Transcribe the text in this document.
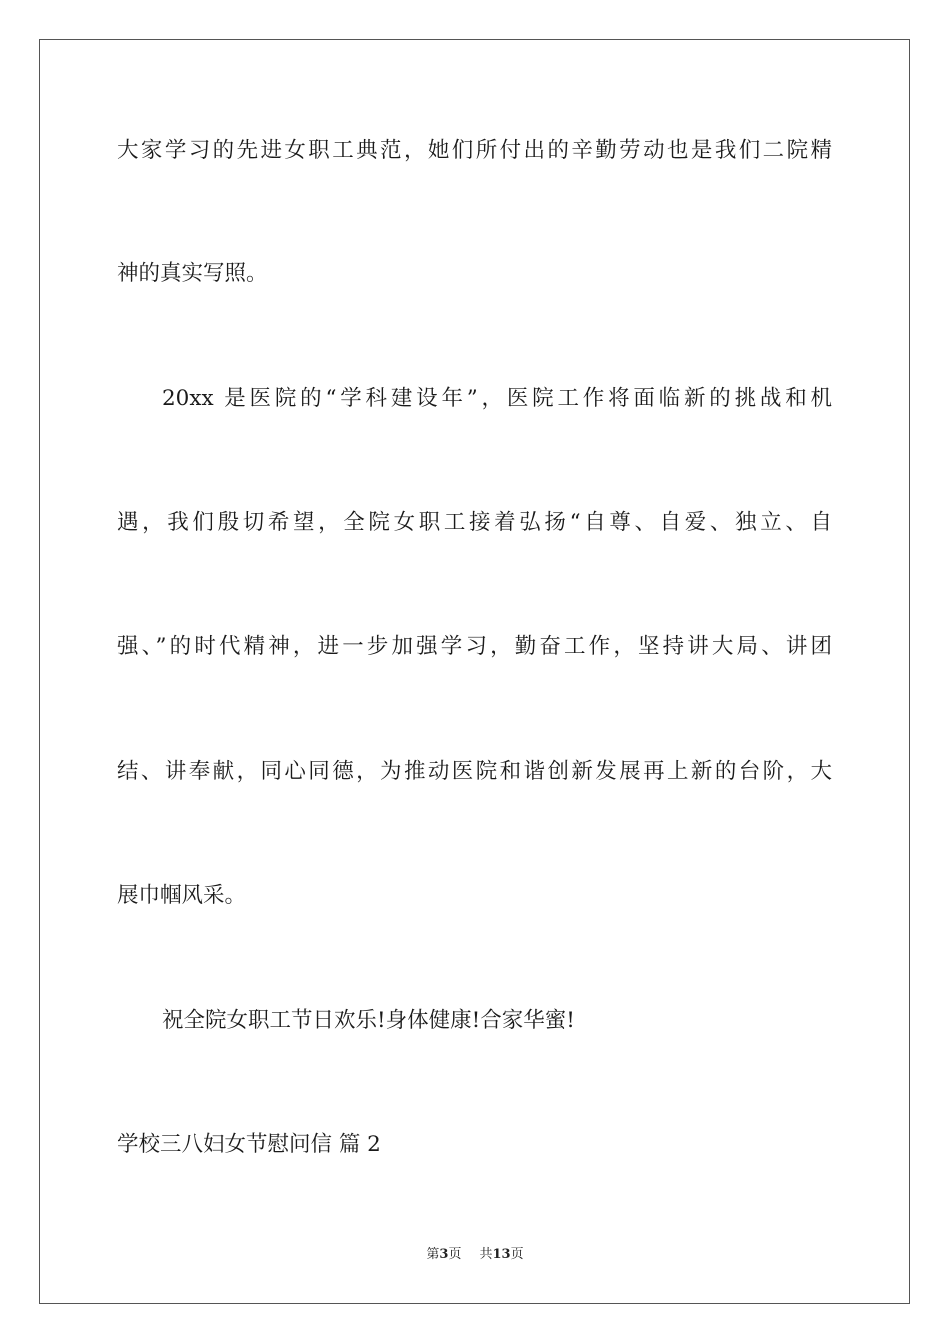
大家学习的先进女职工典范，她们所付出的辛勤劳动也是我们二院精
神的真实写照。
20xx 是医院的“学科建设年”，医院工作将面临新的挑战和机
遇，我们殷切希望，全院女职工接着弘扬“自尊、自爱、独立、自
强、”的时代精神，进一步加强学习，勤奋工作，坚持讲大局、讲团
结、讲奉献，同心同德，为推动医院和谐创新发展再上新的台阶，大
展巾帼风采。
祝全院女职工节日欢乐!身体健康!合家华蜜!
学校三八妇女节慰问信 篇 2
第3页 共13页
